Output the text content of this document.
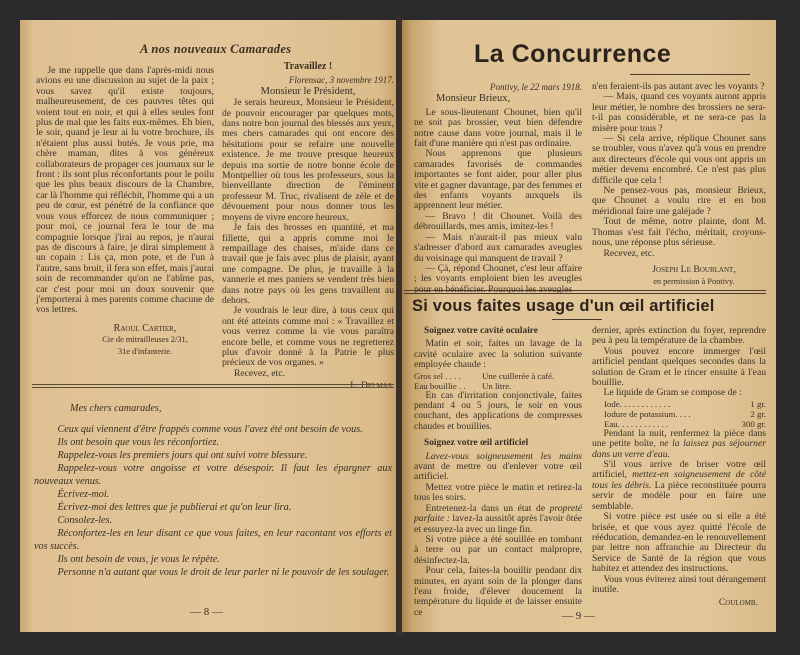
A nos nouveaux Camarades

Je me rappelle que dans l'après-midi nous avions eu une discussion au sujet de la paix ; vous savez qu'il existe toujours, malheureusement, de ces pauvres têtes qui voient tout en noir, et qui à elles seules font plus de mal que les faits eux-mêmes. Eh bien, le soir, quand je leur ai lu votre brochure, ils n'étaient plus aussi butés. Je vous prie, ma chère maman, dites à vos généreux collaborateurs de propager ces journaux sur le front : ils sont plus réconfortants pour le poilu que les plus beaux discours de la Chambre, car là l'homme qui réfléchit, l'homme qui a un peu de cœur, est pénétré de la confiance que vous vous efforcez de nous communiquer ; pour moi, ce journal fera le tour de ma compagnie lorsque j'irai au repos, je n'aurai pas de discours à faire, je dirai simplement à un copain : Lis ça, mon pote, et de l'un à l'autre, sans bruit, il fera son effet, mais j'aurai soin de recommander qu'on ne l'abîme pas, car c'est pour moi un doux souvenir que j'emporterai à mes parents comme chacune de vos lettres.

Raoul Cartier,
Cie de mitrailleuses 2/31,
31e d'infanterie.

Travaillez !

Florensac, 3 novembre 1917.

Monsieur le Président,

Je serais heureux, Monsieur le Président, de pouvoir encourager par quelques mots, dans notre bon journal des blessés aux yeux, mes chers camarades qui ont encore des hésitations pour se refaire une nouvelle existence. Je me trouve presque heureux depuis ma sortie de notre bonne école de Montpellier où tous les professeurs, sous la bienveillante direction de l'éminent professeur M. Truc, rivalisent de zèle et de dévouement pour nous donner tous les moyens de vivre encore heureux.

Je fais des brosses en quantité, et ma fillette, qui a appris comme moi le rempaillage des chaises, m'aide dans ce travail que je fais avec plus de plaisir, ayant une compagne. De plus, je travaille à la vannerie et mes paniers se vendent très bien dans notre pays où les gens travaillent au dehors.

Je voudrais le leur dire, à tous ceux qui ont été atteints comme moi : « Travaillez et vous verrez comme la vie vous paraîtra encore belle, et comme vous ne regretterez plus d'avoir donné à la Patrie le plus précieux de vos organes. »

Recevez, etc.

L. Delmas.

Mes chers camarades,

Ceux qui viennent d'être frappés comme vous l'avez été ont besoin de vous.

Ils ont besoin que vous les réconfortiez.

Rappelez-vous les premiers jours qui ont suivi votre blessure.

Rappelez-vous votre angoisse et votre désespoir. Il faut les épargner aux nouveaux venus.

Écrivez-moi.

Écrivez-moi des lettres que je publierai et qu'on leur lira.

Consolez-les.

Réconfortez-les en leur disant ce que vous faites, en leur racontant vos efforts et vos succès.

Ils ont besoin de vous, je vous le répète.

Personne n'a autant que vous le droit de leur parler ni le pouvoir de les soulager.

— 8 —
La Concurrence

Pontivy, le 22 mars 1918.

Monsieur Brieux,

Le sous-lieutenant Chounet, bien qu'il ne soit pas brossier, veut bien défendre notre cause dans votre journal, mais il le fait d'une manière qui n'est pas ordinaire.

Nous apprenons que plusieurs camarades favorisés de commandes importantes se font aider, pour aller plus vite et gagner davantage, par des femmes et des enfants voyants auxquels ils apprennent leur métier.

— Bravo ! dit Chounet. Voilà des débrouillards, mes amis, imitez-les !

— Mais n'aurait-il pas mieux valu s'adresser d'abord aux camarades aveugles du voisinage qui manquent de travail ?

— Çà, répond Chounet, c'est leur affaire ; les voyants emploient bien les aveugles pour en bénéficier. Pourquoi les aveugles

n'en feraient-ils pas autant avec les voyants ?

— Mais, quand ces voyants auront appris leur métier, le nombre des brossiers ne sera-t-il pas considérable, et ne sera-ce pas la misère pour tous ?

— Si cela arrive, réplique Chounet sans se troubler, vous n'avez qu'à vous en prendre aux directeurs d'école qui vous ont appris un métier devenu encombré. Ce n'est pas plus difficile que cela !

Ne pensez-vous pas, monsieur Brieux, que Chounet a voulu rire et en bon méridional faire une galéjade ?

Tout de même, notre plainte, dont M. Thomas s'est fait l'écho, méritait, croyons-nous, une réponse plus sérieuse.

Recevez, etc.

Joseph Le Bourlant,

en permission à Pontivy.

Si vous faites usage d'un œil artificiel

Soignez votre cavité oculaire

Matin et soir, faites un lavage de la cavité oculaire avec la solution suivante employée chaude :

Gros sel . . . .	Une cuillerée à café.
Eau bouillie . .	Un litre.

En cas d'irritation conjonctivale, faites pendant 4 ou 5 jours, le soir en vous couchant, des applications de compresses chaudes et bouillies.

Soignez votre œil artificiel

Lavez-vous soigneusement les mains avant de mettre ou d'enlever votre œil artificiel.

Mettez votre pièce le matin et retirez-la tous les soirs.

Entretenez-la dans un état de propreté parfaite : lavez-la aussitôt après l'avoir ôtée et essuyez-la avec un linge fin.

Si votre pièce a été souillée en tombant à terre ou par un contact malpropre, désinfectez-la.

Pour cela, faites-la bouillir pendant dix minutes, en ayant soin de la plonger dans l'eau froide, d'élever doucement la température du liquide et de laisser ensuite ce

dernier, après extinction du foyer, reprendre peu à peu la température de la chambre.

Vous pouvez encore immerger l'œil artificiel pendant quelques secondes dans la solution de Gram et le rincer ensuite à l'eau bouillie.

Le liquide de Gram se compose de :

Iode. . . . . . . . . . . .	1 gr.
Iodure de potassium. . . .	2 gr.
Eau. . . . . . . . . . . .	300 gr.

Pendant la nuit, renfermez la pièce dans une petite boîte, ne la laissez pas séjourner dans un verre d'eau.

S'il vous arrive de briser votre œil artificiel, mettez-en soigneusement de côté tous les débris. La pièce reconstituée pourra servir de modèle pour en faire une semblable.

Si votre pièce est usée ou si elle a été brisée, et que vous ayez quitté l'école de rééducation, demandez-en le renouvellement par lettre non affranchie au Directeur du Service de Santé de la région que vous habitez et attendez des instructions.

Vous vous éviterez ainsi tout dérangement inutile.

Coulomb.

— 9 —
